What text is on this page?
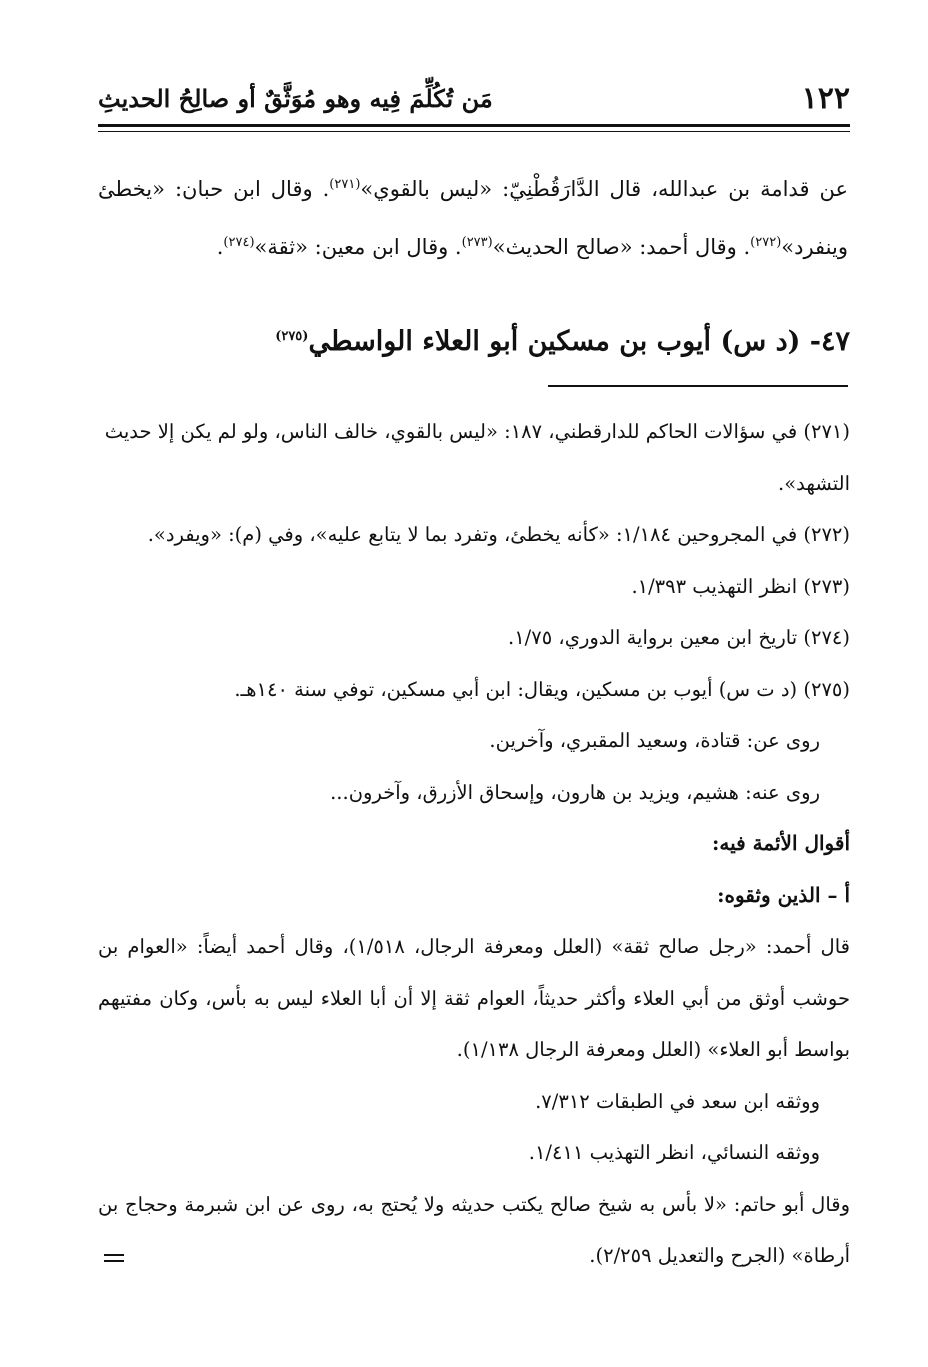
١٢٢
مَن تُكُلِّمَ فِيه وهو مُوَثَّقٌ أو صالِحُ الحديثِ

عن قدامة بن عبدالله، قال الدَّارَقُطْنِيّ: «ليس بالقوي»$^{(٢٧١)}$. وقال ابن حبان: «يخطئ وينفرد»$^{(٢٧٢)}$. وقال أحمد: «صالح الحديث»$^{(٢٧٣)}$. وقال ابن معين: «ثقة»$^{(٢٧٤)}$.

٤٧- (د س) أيوب بن مسكين أبو العلاء الواسطي$^{(٢٧٥)}$

(٢٧١) في سؤالات الحاكم للدارقطني، ١٨٧: «ليس بالقوي، خالف الناس، ولو لم يكن إلا حديث التشهد».

(٢٧٢) في المجروحين ١/١٨٤: «كأنه يخطئ، وتفرد بما لا يتابع عليه»، وفي (م): «ويفرد».

(٢٧٣) انظر التهذيب ١/٣٩٣.

(٢٧٤) تاريخ ابن معين برواية الدوري، ١/٧٥.

(٢٧٥) (د ت س) أيوب بن مسكين، ويقال: ابن أبي مسكين، توفي سنة ١٤٠هـ.

روى عن: قتادة، وسعيد المقبري، وآخرين.

روى عنه: هشيم، ويزيد بن هارون، وإسحاق الأزرق، وآخرون...

أقوال الأئمة فيه:

أ – الذين وثقوه:

قال أحمد: «رجل صالح ثقة» (العلل ومعرفة الرجال، ١/٥١٨)، وقال أحمد أيضاً: «العوام بن حوشب أوثق من أبي العلاء وأكثر حديثاً، العوام ثقة إلا أن أبا العلاء ليس به بأس، وكان مفتيهم بواسط أبو العلاء» (العلل ومعرفة الرجال ١/١٣٨).

ووثقه ابن سعد في الطبقات ٧/٣١٢.

ووثقه النسائي، انظر التهذيب ١/٤١١.

وقال أبو حاتم: «لا بأس به شيخ صالح يكتب حديثه ولا يُحتج به، روى عن ابن شبرمة وحجاج بن أرطاة» (الجرح والتعديل ٢/٢٥٩).
